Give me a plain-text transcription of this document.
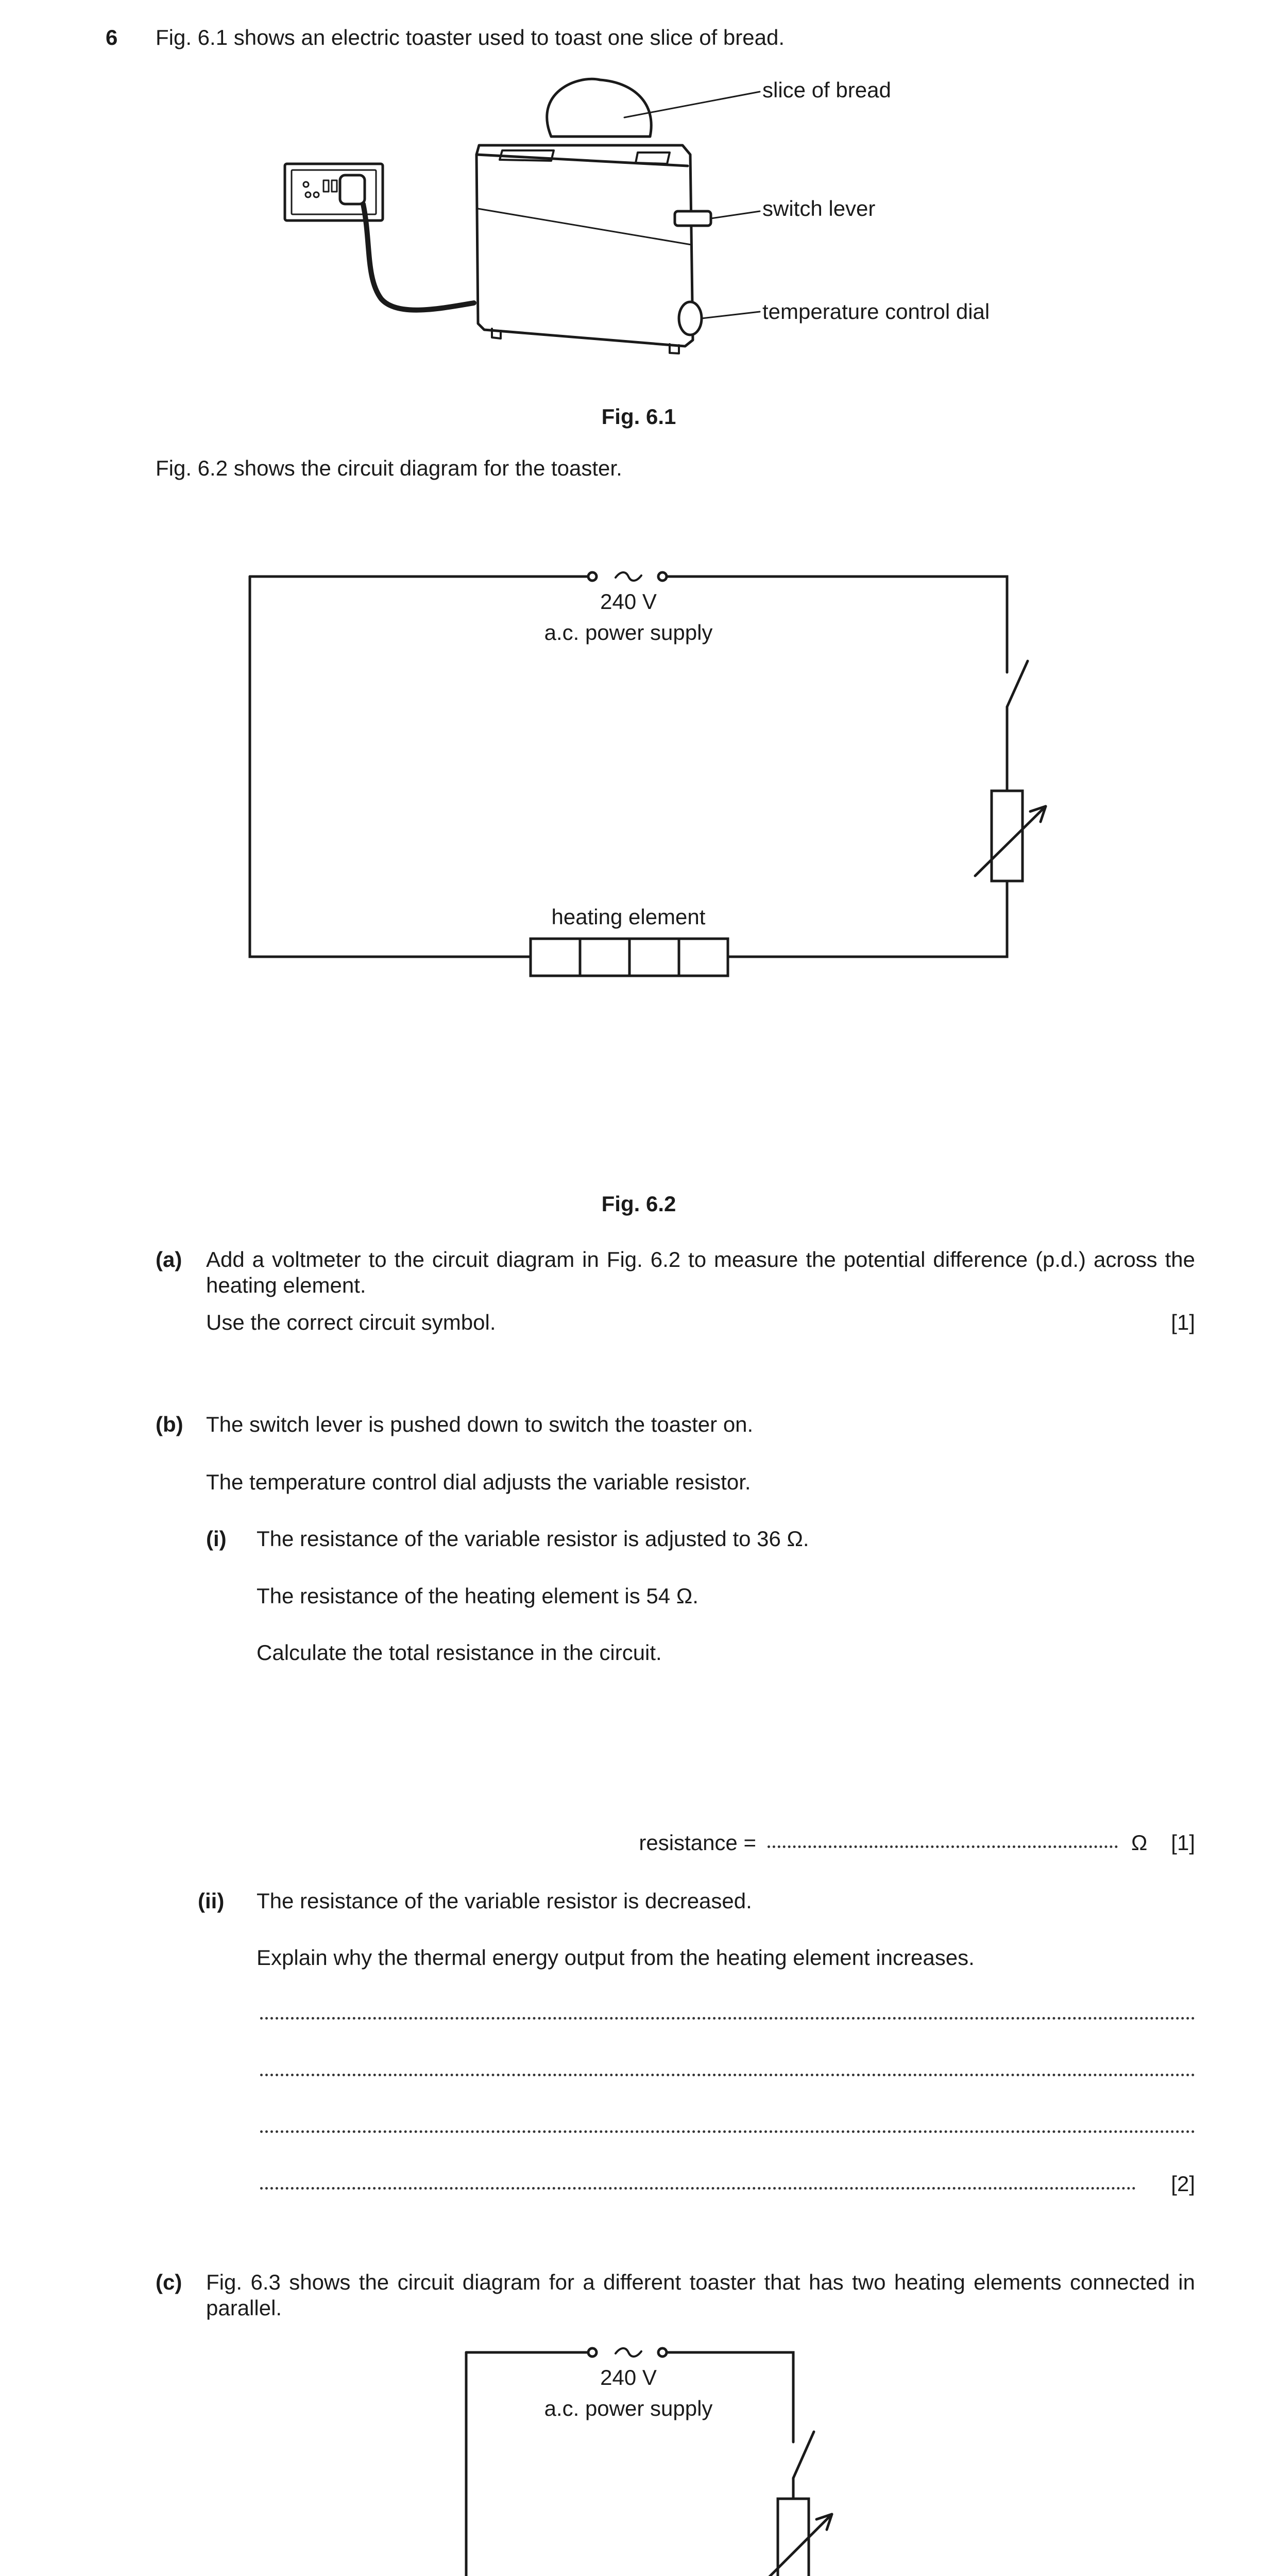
6 Fig. 6.1 shows an electric toaster used to toast one slice of bread.
slice of bread
switch lever
temperature control dial
Fig. 6.1
Fig. 6.2 shows the circuit diagram for the toaster.
240 V
a.c. power supply
heating element
Fig. 6.2
(a) Add a voltmeter to the circuit diagram in Fig. 6.2 to measure the potential difference (p.d.) across the heating element.
Use the correct circuit symbol.	[1]
(b) The switch lever is pushed down to switch the toaster on.
The temperature control dial adjusts the variable resistor.
(i) The resistance of the variable resistor is adjusted to 36 Ω.
The resistance of the heating element is 54 Ω.
Calculate the total resistance in the circuit.
resistance =	Ω	[1]
(ii) The resistance of the variable resistor is decreased.
Explain why the thermal energy output from the heating element increases.
[2]
(c) Fig. 6.3 shows the circuit diagram for a different toaster that has two heating elements connected in parallel.
240 V
a.c. power supply
